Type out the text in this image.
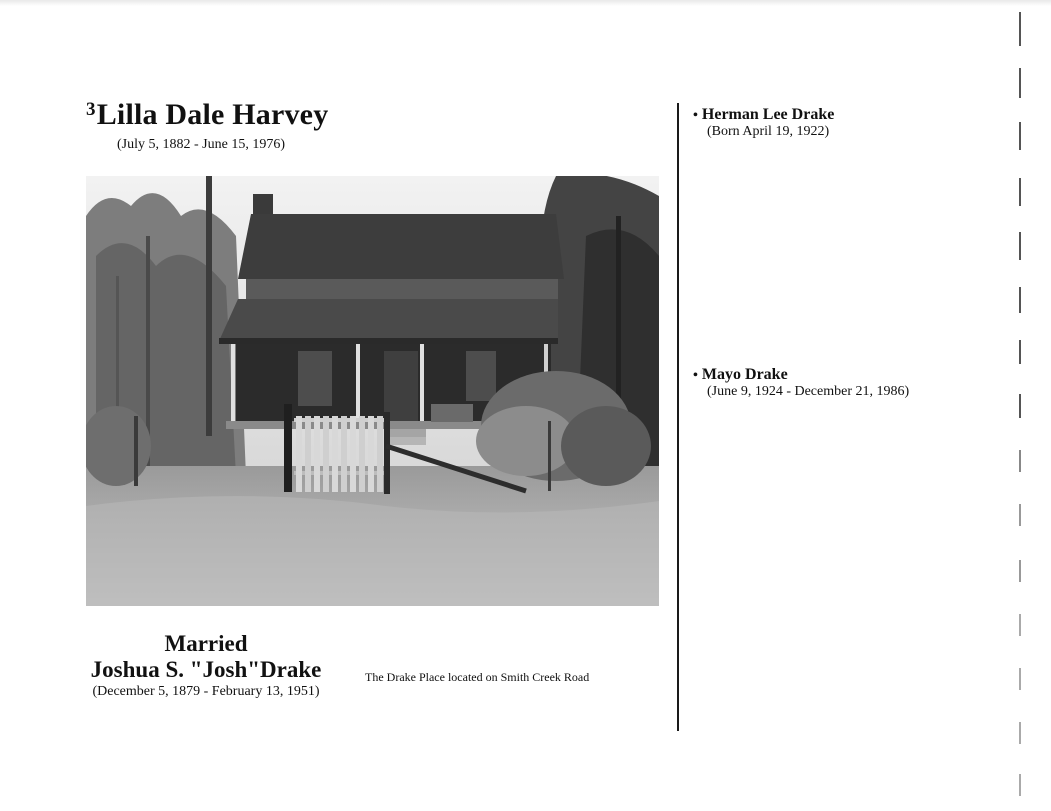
$^3$Lilla Dale Harvey
(July 5, 1882 - June 15, 1976)
Married
Joshua S. "Josh"Drake
(December 5, 1879 - February 13, 1951)
The Drake Place located on Smith Creek Road
• Herman Lee Drake
(Born April 19, 1922)
• Mayo Drake
(June 9, 1924 - December 21, 1986)
